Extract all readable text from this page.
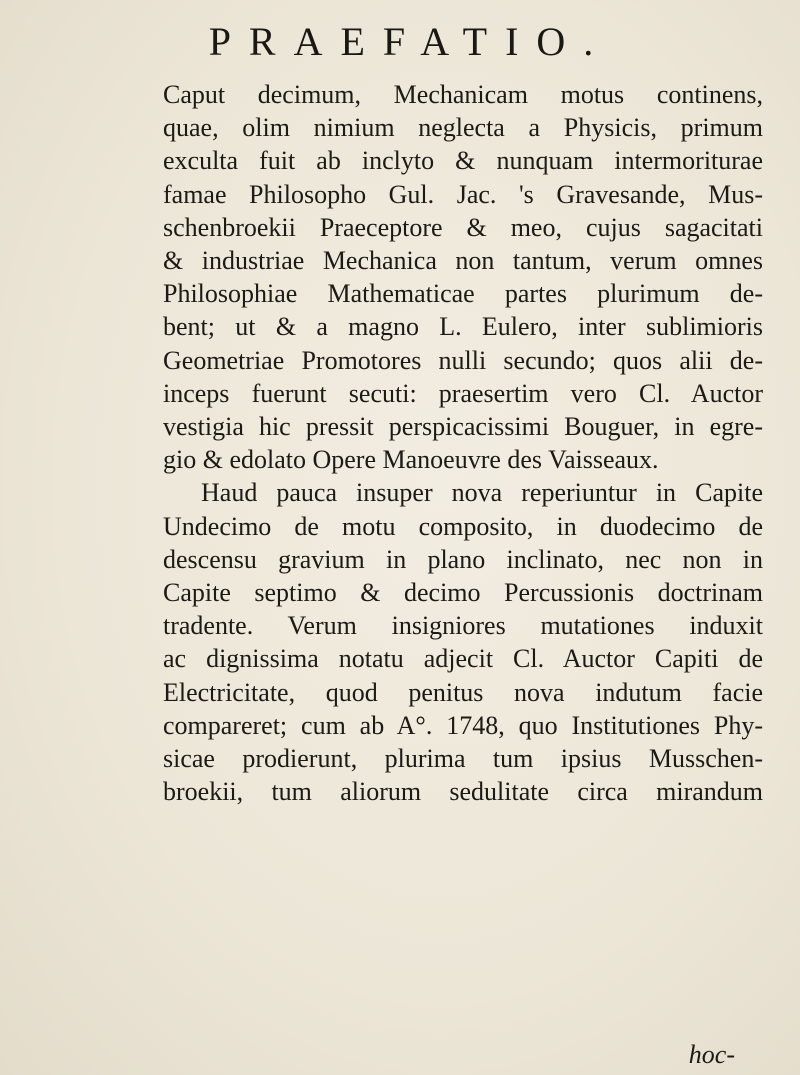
PRAEFATIO.
Caput decimum, Mechanicam motus continens,
quae, olim nimium neglecta a Physicis, primum
exculta fuit ab inclyto & nunquam intermoriturae
famae Philosopho Gul. Jac. 's Gravesande, Mus-
schenbroekii Praeceptore & meo, cujus sagacitati
& industriae Mechanica non tantum, verum omnes
Philosophiae Mathematicae partes plurimum de-
bent; ut & a magno L. Eulero, inter sublimioris
Geometriae Promotores nulli secundo; quos alii de-
inceps fuerunt secuti: praesertim vero Cl. Auctor
vestigia hic pressit perspicacissimi Bouguer, in egre-
gio & edolato Opere Manoeuvre des Vaisseaux.
Haud pauca insuper nova reperiuntur in Capite
Undecimo de motu composito, in duodecimo de
descensu gravium in plano inclinato, nec non in
Capite septimo & decimo Percussionis doctrinam
tradente. Verum insigniores mutationes induxit
ac dignissima notatu adjecit Cl. Auctor Capiti de
Electricitate, quod penitus nova indutum facie
compareret; cum ab A°. 1748, quo Institutiones Phy-
sicae prodierunt, plurima tum ipsius Musschen-
broekii, tum aliorum sedulitate circa mirandum
hoc-
